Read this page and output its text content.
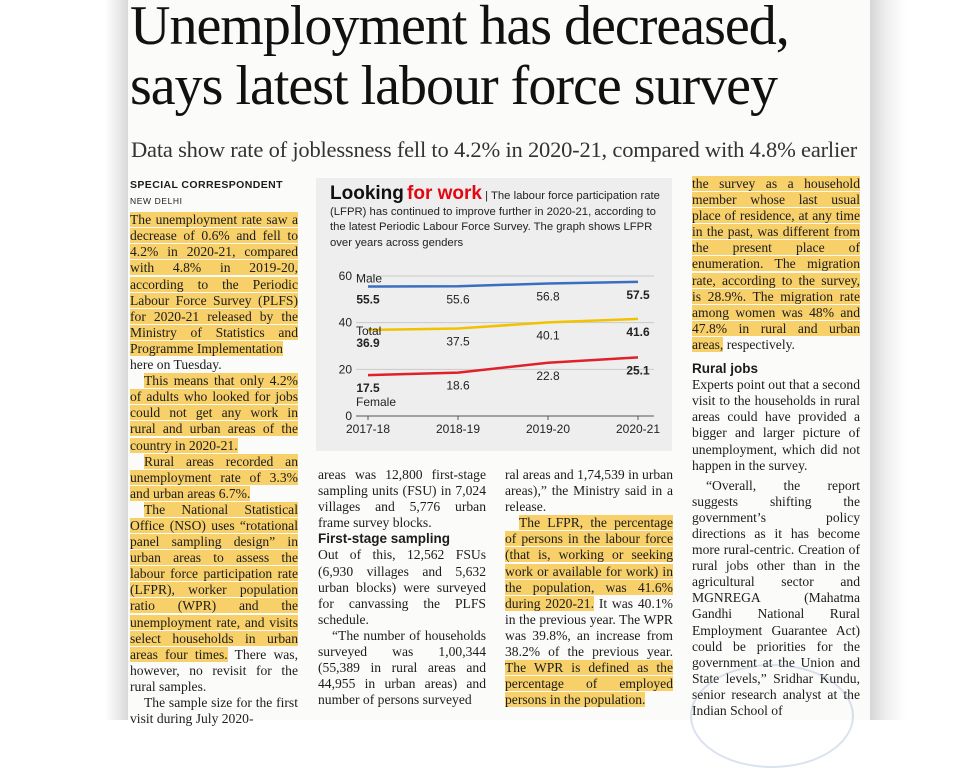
Unemployment has decreased,
says latest labour force survey
Data show rate of joblessness fell to 4.2% in 2020-21, compared with 4.8% earlier
SPECIAL CORRESPONDENT
NEW DELHI

The unemployment rate saw a decrease of 0.6% and fell to 4.2% in 2020-21, compared with 4.8% in 2019-20, according to the Periodic Labour Force Survey (PLFS) for 2020-21 released by the Ministry of Statistics and Programme Implementation
here on Tuesday.

This means that only 4.2% of adults who looked for jobs could not get any work in rural and urban areas of the country in 2020-21.

Rural areas recorded an unemployment rate of 3.3% and urban areas 6.7%.

The National Statistical Office (NSO) uses “rotational panel sampling design” in urban areas to assess the labour force participation rate (LFPR), worker population ratio (WPR) and the unemployment rate, and visits select households in urban areas four times. There was, however, no revisit for the rural samples.

The sample size for the first visit during July 2020-

Looking for work | The labour force participation rate (LFPR) has continued to improve further in 2020-21, according to the latest Periodic Labour Force Survey. The graph shows LFPR over years across genders
0
20
40
60
2017-18	2018-19	2019-20	2020-21
55.5	55.6	56.8	57.5
Male
36.9	37.5	40.1	41.6
Total
17.5	18.6
22.8	25.1
Female

areas was 12,800 first-stage sampling units (FSU) in 7,024 villages and 5,776 urban frame survey blocks.

First-stage sampling

Out of this, 12,562 FSUs (6,930 villages and 5,632 urban blocks) were surveyed for canvassing the PLFS schedule.

“The number of households surveyed was 1,00,344 (55,389 in rural areas and 44,955 in urban areas) and number of persons surveyed

ral areas and 1,74,539 in urban areas),” the Ministry said in a release.

The LFPR, the percentage of persons in the labour force (that is, working or seeking work or available for work) in the population, was 41.6% during 2020-21. It was 40.1% in the previous year. The WPR was 39.8%, an increase from 38.2% of the previous year. The WPR is defined as the percentage of employed persons in the population.

the survey as a household member whose last usual place of residence, at any time in the past, was different from the present place of enumeration. The migration rate, according to the survey, is 28.9%. The migration rate among women was 48% and 47.8% in rural and urban areas, respectively.

Rural jobs

Experts point out that a second visit to the households in rural areas could have provided a bigger and larger picture of unemployment, which did not happen in the survey.

“Overall, the report suggests shifting the government’s policy directions as it has become more rural-centric. Creation of rural jobs other than in the agricultural sector and MGNREGA (Mahatma Gandhi National Rural Employment Guarantee Act) could be priorities for the government at the Union and State levels,” Sridhar Kundu, senior research analyst at the Indian School of
